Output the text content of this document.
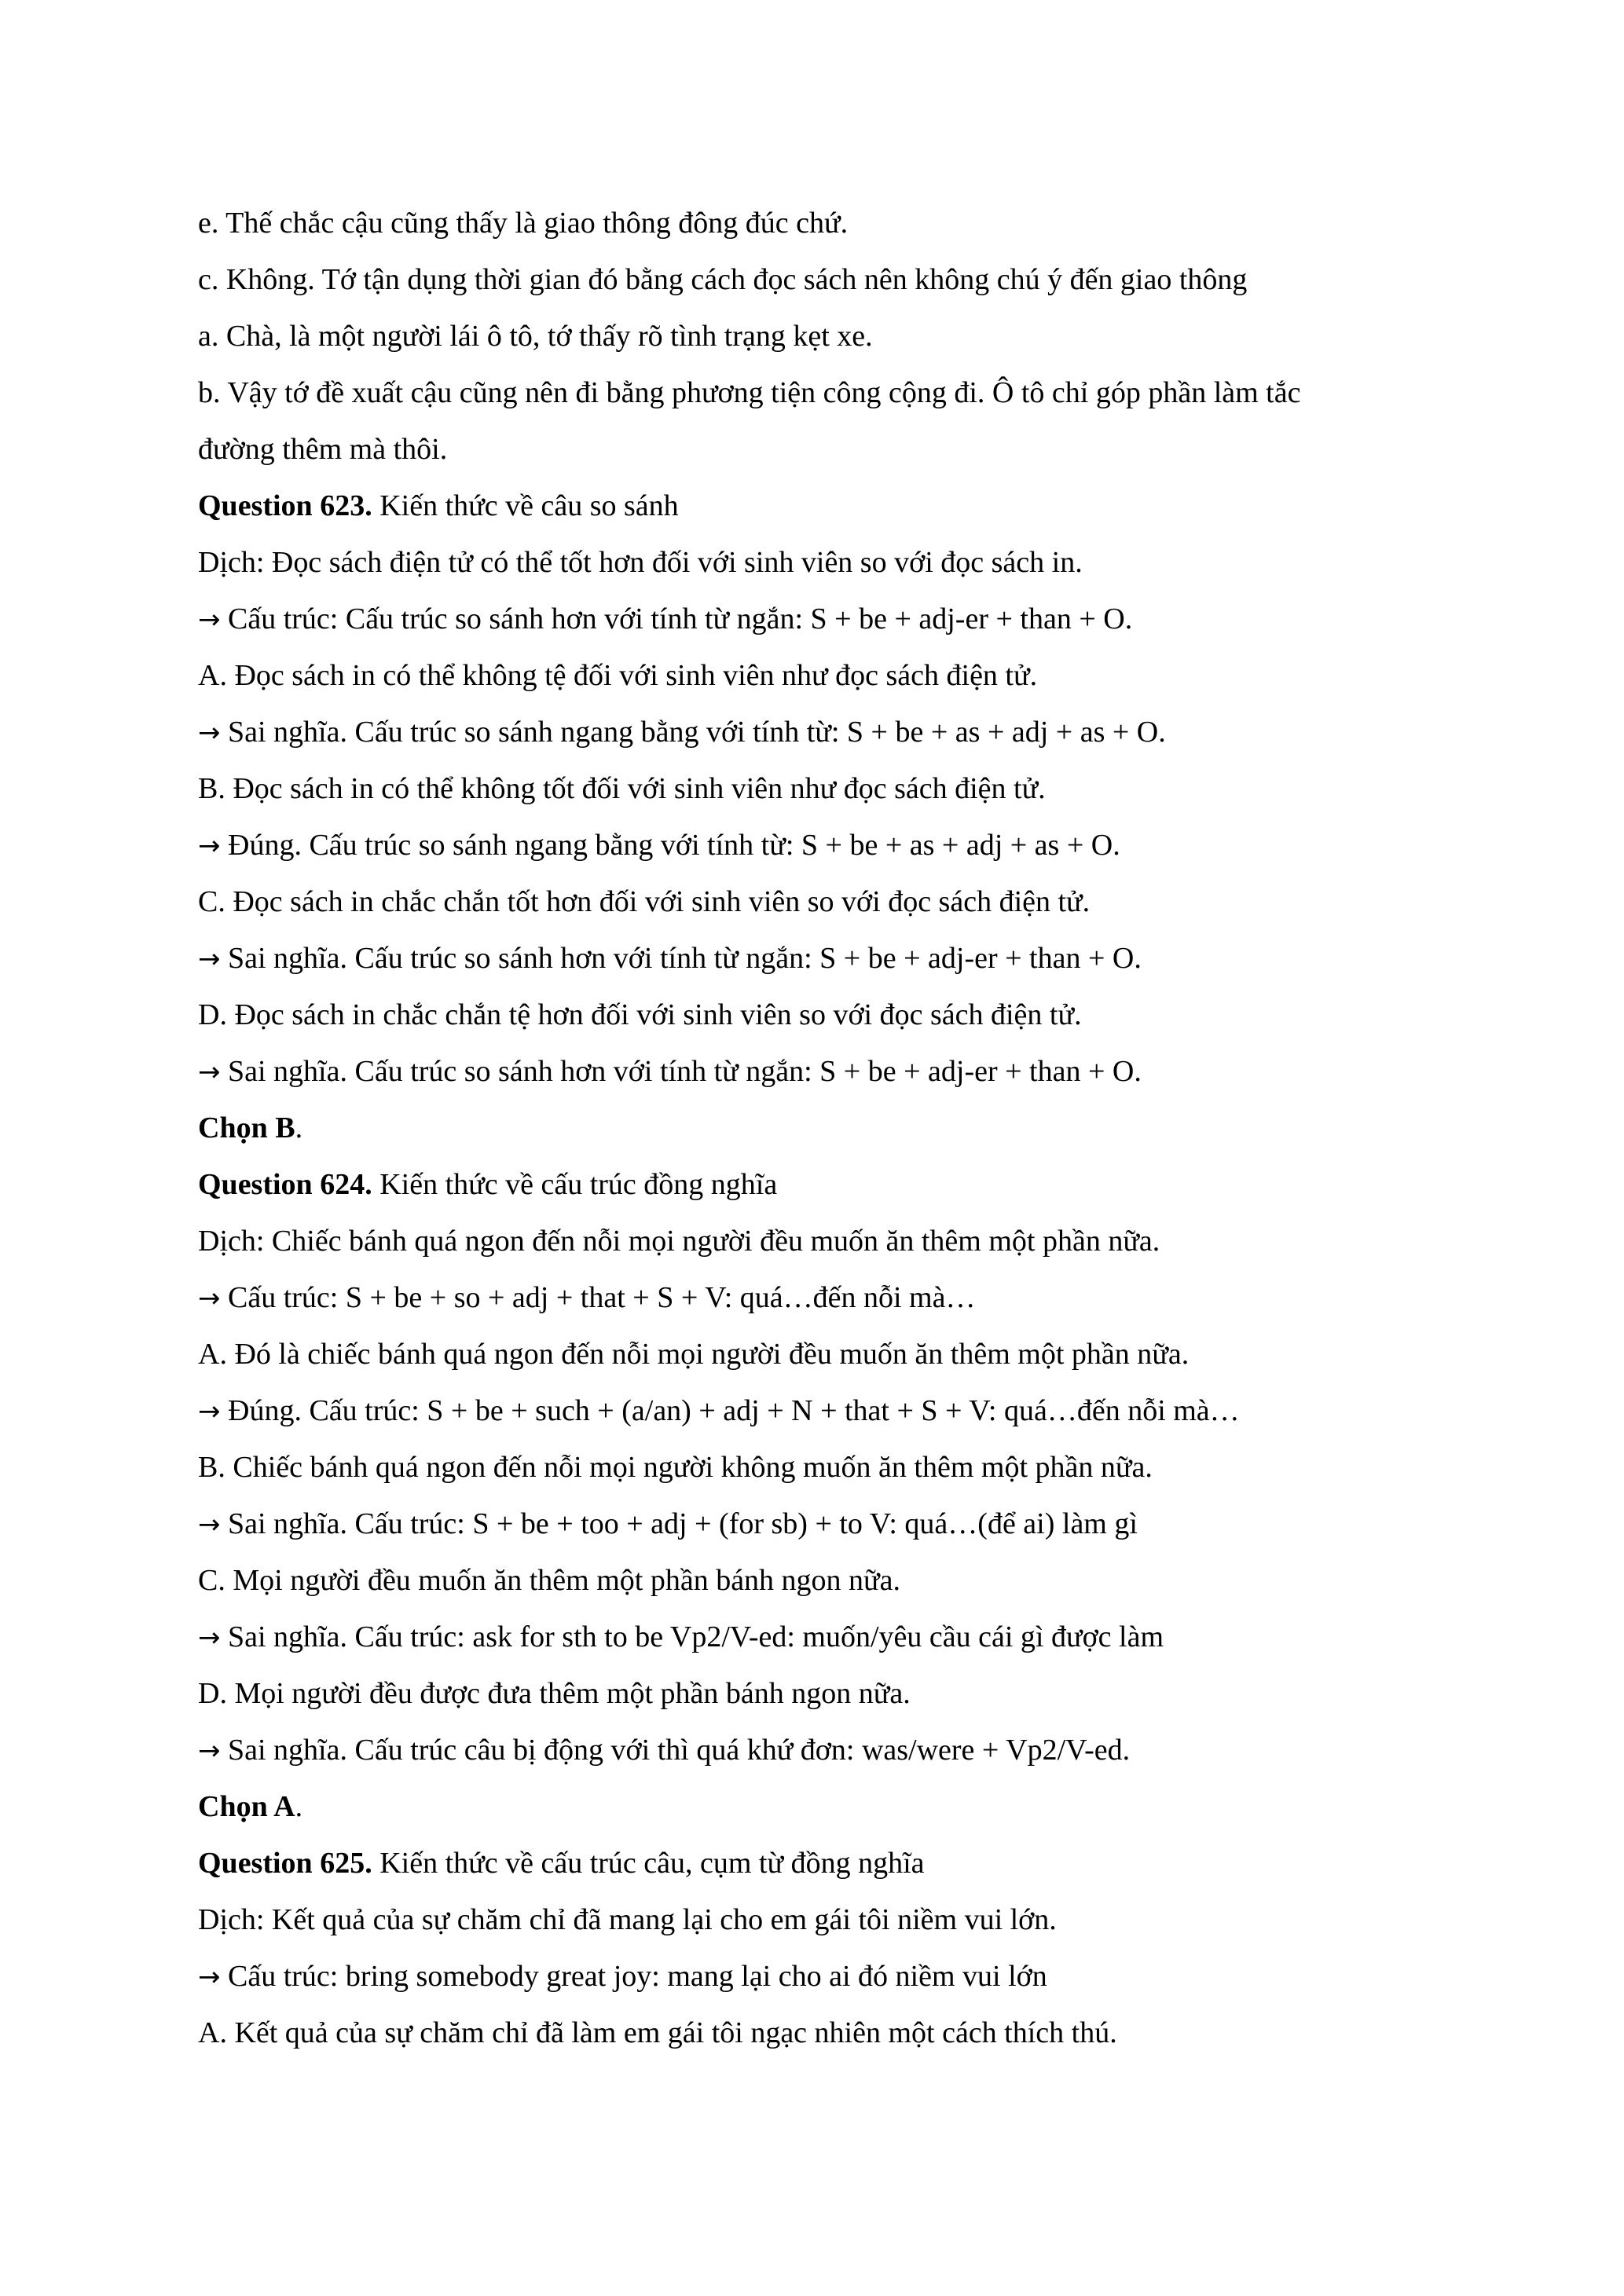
e. Thế chắc cậu cũng thấy là giao thông đông đúc chứ.
c. Không. Tớ tận dụng thời gian đó bằng cách đọc sách nên không chú ý đến giao thông
a. Chà, là một người lái ô tô, tớ thấy rõ tình trạng kẹt xe.
b. Vậy tớ đề xuất cậu cũng nên đi bằng phương tiện công cộng đi. Ô tô chỉ góp phần làm tắc
đường thêm mà thôi.
Question 623. Kiến thức về câu so sánh
Dịch: Đọc sách điện tử có thể tốt hơn đối với sinh viên so với đọc sách in.
→ Cấu trúc: Cấu trúc so sánh hơn với tính từ ngắn: S + be + adj-er + than + O.
A. Đọc sách in có thể không tệ đối với sinh viên như đọc sách điện tử.
→ Sai nghĩa. Cấu trúc so sánh ngang bằng với tính từ: S + be + as + adj + as + O.
B. Đọc sách in có thể không tốt đối với sinh viên như đọc sách điện tử.
→ Đúng. Cấu trúc so sánh ngang bằng với tính từ: S + be + as + adj + as + O.
C. Đọc sách in chắc chắn tốt hơn đối với sinh viên so với đọc sách điện tử.
→ Sai nghĩa. Cấu trúc so sánh hơn với tính từ ngắn: S + be + adj-er + than + O.
D. Đọc sách in chắc chắn tệ hơn đối với sinh viên so với đọc sách điện tử.
→ Sai nghĩa. Cấu trúc so sánh hơn với tính từ ngắn: S + be + adj-er + than + O.
Chọn B.
Question 624. Kiến thức về cấu trúc đồng nghĩa
Dịch: Chiếc bánh quá ngon đến nỗi mọi người đều muốn ăn thêm một phần nữa.
→ Cấu trúc: S + be + so + adj + that + S + V: quá…đến nỗi mà…
A. Đó là chiếc bánh quá ngon đến nỗi mọi người đều muốn ăn thêm một phần nữa.
→ Đúng. Cấu trúc: S + be + such + (a/an) + adj + N + that + S + V: quá…đến nỗi mà…
B. Chiếc bánh quá ngon đến nỗi mọi người không muốn ăn thêm một phần nữa.
→ Sai nghĩa. Cấu trúc: S + be + too + adj + (for sb) + to V: quá…(để ai) làm gì
C. Mọi người đều muốn ăn thêm một phần bánh ngon nữa.
→ Sai nghĩa. Cấu trúc: ask for sth to be Vp2/V-ed: muốn/yêu cầu cái gì được làm
D. Mọi người đều được đưa thêm một phần bánh ngon nữa.
→ Sai nghĩa. Cấu trúc câu bị động với thì quá khứ đơn: was/were + Vp2/V-ed.
Chọn A.
Question 625. Kiến thức về cấu trúc câu, cụm từ đồng nghĩa
Dịch: Kết quả của sự chăm chỉ đã mang lại cho em gái tôi niềm vui lớn.
→ Cấu trúc: bring somebody great joy: mang lại cho ai đó niềm vui lớn
A. Kết quả của sự chăm chỉ đã làm em gái tôi ngạc nhiên một cách thích thú.
